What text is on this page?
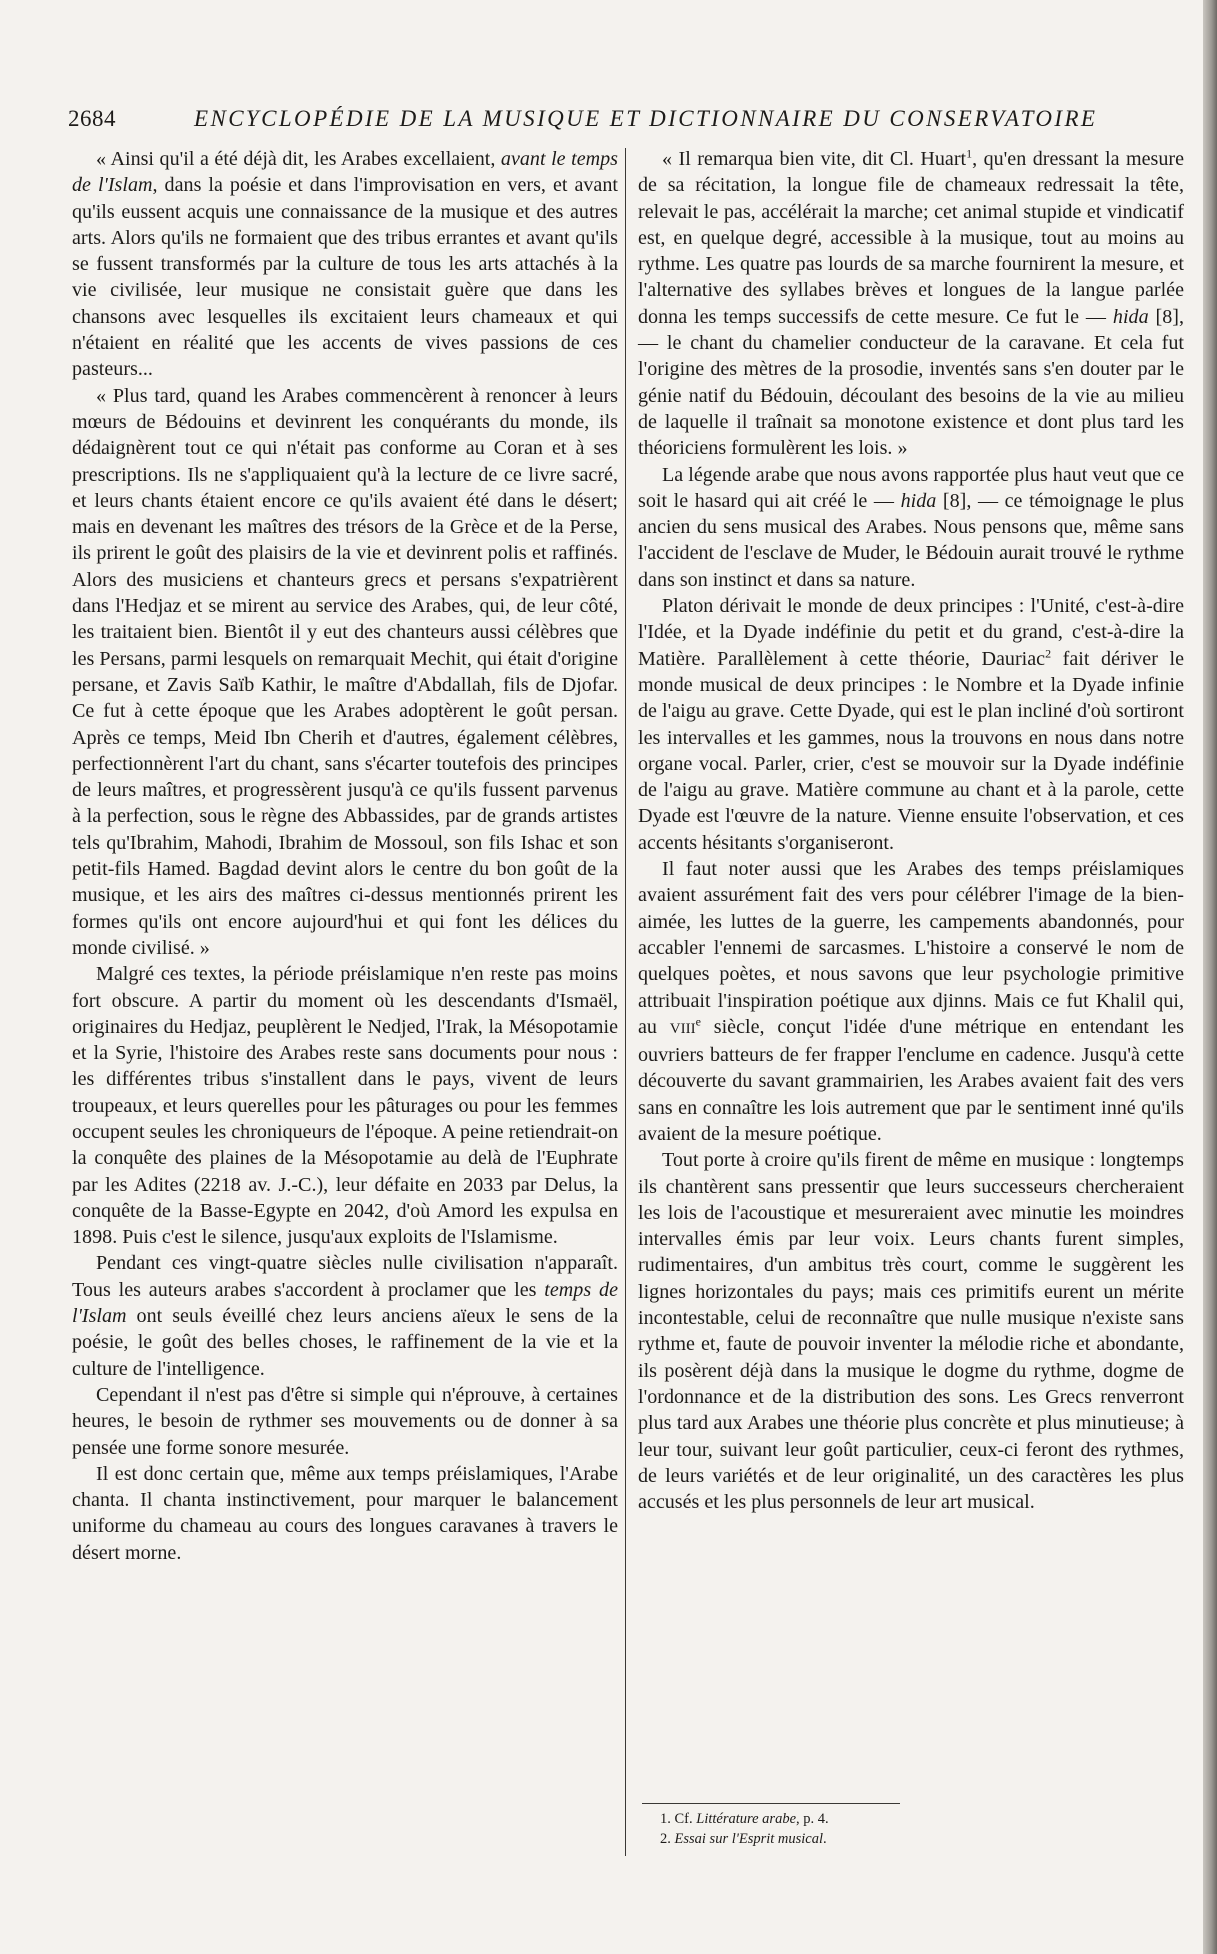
2684	ENCYCLOPÉDIE DE LA MUSIQUE ET DICTIONNAIRE DU CONSERVATOIRE

« Ainsi qu'il a été déjà dit, les Arabes excellaient, avant le temps de l'Islam, dans la poésie et dans l'improvisation en vers, et avant qu'ils eussent acquis une connaissance de la musique et des autres arts. Alors qu'ils ne formaient que des tribus errantes et avant qu'ils se fussent transformés par la culture de tous les arts attachés à la vie civilisée, leur musique ne consistait guère que dans les chansons avec lesquelles ils excitaient leurs chameaux et qui n'étaient en réalité que les accents de vives passions de ces pasteurs...

« Plus tard, quand les Arabes commencèrent à renoncer à leurs mœurs de Bédouins et devinrent les conquérants du monde, ils dédaignèrent tout ce qui n'était pas conforme au Coran et à ses prescriptions. Ils ne s'appliquaient qu'à la lecture de ce livre sacré, et leurs chants étaient encore ce qu'ils avaient été dans le désert; mais en devenant les maîtres des trésors de la Grèce et de la Perse, ils prirent le goût des plaisirs de la vie et devinrent polis et raffinés. Alors des musiciens et chanteurs grecs et persans s'expatrièrent dans l'Hedjaz et se mirent au service des Arabes, qui, de leur côté, les traitaient bien. Bientôt il y eut des chanteurs aussi célèbres que les Persans, parmi lesquels on remarquait Mechit, qui était d'origine persane, et Zavis Saïb Kathir, le maître d'Abdallah, fils de Djofar. Ce fut à cette époque que les Arabes adoptèrent le goût persan. Après ce temps, Meid Ibn Cherih et d'autres, également célèbres, perfectionnèrent l'art du chant, sans s'écarter toutefois des principes de leurs maîtres, et progressèrent jusqu'à ce qu'ils fussent parvenus à la perfection, sous le règne des Abbassides, par de grands artistes tels qu'Ibrahim, Mahodi, Ibrahim de Mossoul, son fils Ishac et son petit-fils Hamed. Bagdad devint alors le centre du bon goût de la musique, et les airs des maîtres ci-dessus mentionnés prirent les formes qu'ils ont encore aujourd'hui et qui font les délices du monde civilisé. »

Malgré ces textes, la période préislamique n'en reste pas moins fort obscure. A partir du moment où les descendants d'Ismaël, originaires du Hedjaz, peuplèrent le Nedjed, l'Irak, la Mésopotamie et la Syrie, l'histoire des Arabes reste sans documents pour nous : les différentes tribus s'installent dans le pays, vivent de leurs troupeaux, et leurs querelles pour les pâturages ou pour les femmes occupent seules les chroniqueurs de l'époque. A peine retiendrait-on la conquête des plaines de la Mésopotamie au delà de l'Euphrate par les Adites (2218 av. J.-C.), leur défaite en 2033 par Delus, la conquête de la Basse-Egypte en 2042, d'où Amord les expulsa en 1898. Puis c'est le silence, jusqu'aux exploits de l'Islamisme.

Pendant ces vingt-quatre siècles nulle civilisation n'apparaît. Tous les auteurs arabes s'accordent à proclamer que les temps de l'Islam ont seuls éveillé chez leurs anciens aïeux le sens de la poésie, le goût des belles choses, le raffinement de la vie et la culture de l'intelligence.

Cependant il n'est pas d'être si simple qui n'éprouve, à certaines heures, le besoin de rythmer ses mouvements ou de donner à sa pensée une forme sonore mesurée.

Il est donc certain que, même aux temps préislamiques, l'Arabe chanta. Il chanta instinctivement, pour marquer le balancement uniforme du chameau au cours des longues caravanes à travers le désert morne.

« Il remarqua bien vite, dit Cl. Huart$^1$, qu'en dressant la mesure de sa récitation, la longue file de chameaux redressait la tête, relevait le pas, accélérait la marche; cet animal stupide et vindicatif est, en quelque degré, accessible à la musique, tout au moins au rythme. Les quatre pas lourds de sa marche fournirent la mesure, et l'alternative des syllabes brèves et longues de la langue parlée donna les temps successifs de cette mesure. Ce fut le — hida [8], — le chant du chamelier conducteur de la caravane. Et cela fut l'origine des mètres de la prosodie, inventés sans s'en douter par le génie natif du Bédouin, découlant des besoins de la vie au milieu de laquelle il traînait sa monotone existence et dont plus tard les théoriciens formulèrent les lois. »

La légende arabe que nous avons rapportée plus haut veut que ce soit le hasard qui ait créé le — hida [8], — ce témoignage le plus ancien du sens musical des Arabes. Nous pensons que, même sans l'accident de l'esclave de Muder, le Bédouin aurait trouvé le rythme dans son instinct et dans sa nature.

Platon dérivait le monde de deux principes : l'Unité, c'est-à-dire l'Idée, et la Dyade indéfinie du petit et du grand, c'est-à-dire la Matière. Parallèlement à cette théorie, Dauriac$^2$ fait dériver le monde musical de deux principes : le Nombre et la Dyade infinie de l'aigu au grave. Cette Dyade, qui est le plan incliné d'où sortiront les intervalles et les gammes, nous la trouvons en nous dans notre organe vocal. Parler, crier, c'est se mouvoir sur la Dyade indéfinie de l'aigu au grave. Matière commune au chant et à la parole, cette Dyade est l'œuvre de la nature. Vienne ensuite l'observation, et ces accents hésitants s'organiseront.

Il faut noter aussi que les Arabes des temps préislamiques avaient assurément fait des vers pour célébrer l'image de la bien-aimée, les luttes de la guerre, les campements abandonnés, pour accabler l'ennemi de sarcasmes. L'histoire a conservé le nom de quelques poètes, et nous savons que leur psychologie primitive attribuait l'inspiration poétique aux djinns. Mais ce fut Khalil qui, au VIIIe siècle, conçut l'idée d'une métrique en entendant les ouvriers batteurs de fer frapper l'enclume en cadence. Jusqu'à cette découverte du savant grammairien, les Arabes avaient fait des vers sans en connaître les lois autrement que par le sentiment inné qu'ils avaient de la mesure poétique.

Tout porte à croire qu'ils firent de même en musique : longtemps ils chantèrent sans pressentir que leurs successeurs chercheraient les lois de l'acoustique et mesureraient avec minutie les moindres intervalles émis par leur voix. Leurs chants furent simples, rudimentaires, d'un ambitus très court, comme le suggèrent les lignes horizontales du pays; mais ces primitifs eurent un mérite incontestable, celui de reconnaître que nulle musique n'existe sans rythme et, faute de pouvoir inventer la mélodie riche et abondante, ils posèrent déjà dans la musique le dogme du rythme, dogme de l'ordonnance et de la distribution des sons. Les Grecs renverront plus tard aux Arabes une théorie plus concrète et plus minutieuse; à leur tour, suivant leur goût particulier, ceux-ci feront des rythmes, de leurs variétés et de leur originalité, un des caractères les plus accusés et les plus personnels de leur art musical.

1. Cf. Littérature arabe, p. 4.
2. Essai sur l'Esprit musical.
